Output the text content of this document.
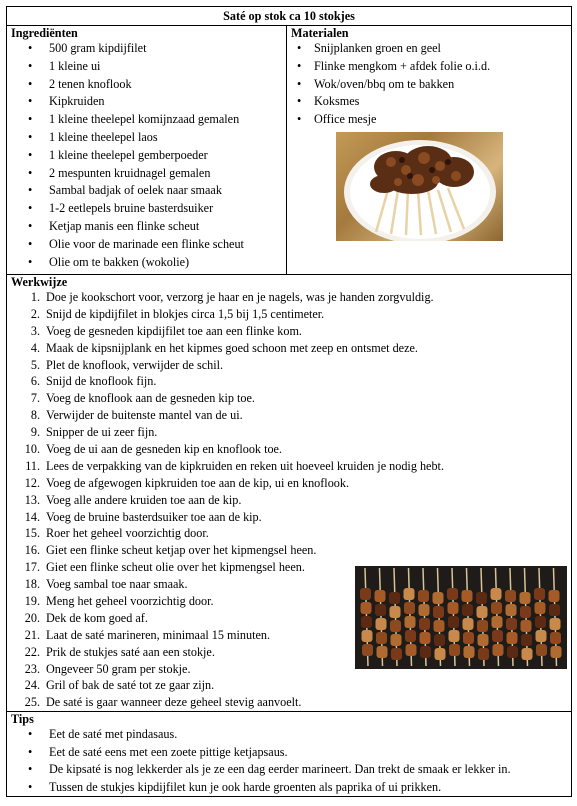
Saté op stok ca 10 stokjes

Ingrediënten
• 500 gram kipdijfilet
• 1 kleine ui
• 2 tenen knoflook
• Kipkruiden
• 1 kleine theelepel komijnzaad gemalen
• 1 kleine theelepel laos
• 1 kleine theelepel gemberpoeder
• 2 mespunten kruidnagel gemalen
• Sambal badjak of oelek naar smaak
• 1-2 eetlepels bruine basterdsuiker
• Ketjap manis een flinke scheut
• Olie voor de marinade een flinke scheut
• Olie om te bakken (wokolie)

Materialen
• Snijplanken groen en geel
• Flinke mengkom + afdek folie o.i.d.
• Wok/oven/bbq om te bakken
• Koksmes
• Office mesje

Werkwijze
1. Doe je kookschort voor, verzorg je haar en je nagels, was je handen zorgvuldig.
2. Snijd de kipdijfilet in blokjes circa 1,5 bij 1,5 centimeter.
3. Voeg de gesneden kipdijfilet toe aan een flinke kom.
4. Maak de kipsnijplank en het kipmes goed schoon met zeep en ontsmet deze.
5. Plet de knoflook, verwijder de schil.
6. Snijd de knoflook fijn.
7. Voeg de knoflook aan de gesneden kip toe.
8. Verwijder de buitenste mantel van de ui.
9. Snipper de ui zeer fijn.
10. Voeg de ui aan de gesneden kip en knoflook toe.
11. Lees de verpakking van de kipkruiden en reken uit hoeveel kruiden je nodig hebt.
12. Voeg de afgewogen kipkruiden toe aan de kip, ui en knoflook.
13. Voeg alle andere kruiden toe aan de kip.
14. Voeg de bruine basterdsuiker toe aan de kip.
15. Roer het geheel voorzichtig door.
16. Giet een flinke scheut ketjap over het kipmengsel heen.
17. Giet een flinke scheut olie over het kipmengsel heen.
18. Voeg sambal toe naar smaak.
19. Meng het geheel voorzichtig door.
20. Dek de kom goed af.
21. Laat de saté marineren, minimaal 15 minuten.
22. Prik de stukjes saté aan een stokje.
23. Ongeveer 50 gram per stokje.
24. Gril of bak de saté tot ze gaar zijn.
25. De saté is gaar wanneer deze geheel stevig aanvoelt.

Tips
• Eet de saté met pindasaus.
• Eet de saté eens met een zoete pittige ketjapsaus.
• De kipsaté is nog lekkerder als je ze een dag eerder marineert. Dan trekt de smaak er lekker in.
• Tussen de stukjes kipdijfilet kun je ook harde groenten als paprika of ui prikken.
